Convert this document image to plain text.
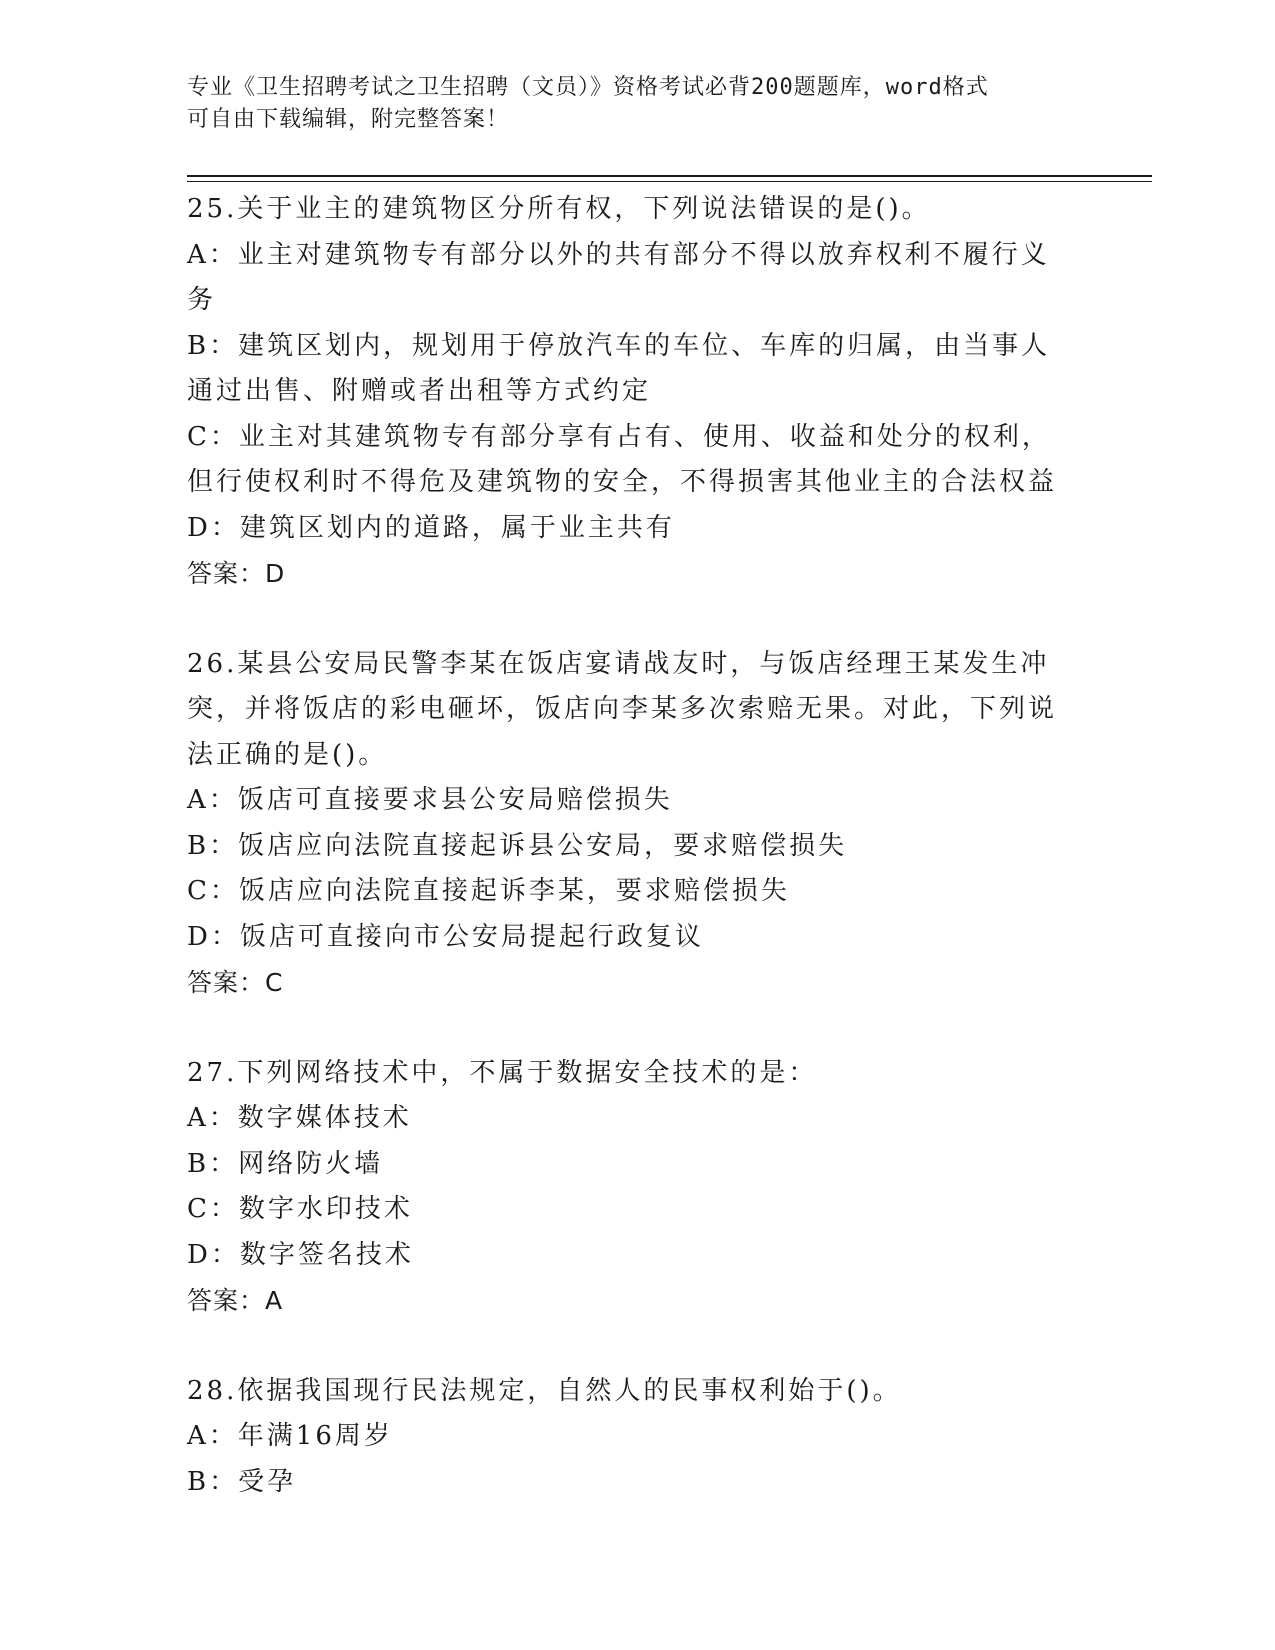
专业《卫生招聘考试之卫生招聘（文员）》资格考试必背200题题库，word格式
可自由下载编辑，附完整答案！
25.关于业主的建筑物区分所有权，下列说法错误的是()。
A：业主对建筑物专有部分以外的共有部分不得以放弃权利不履行义务
B：建筑区划内，规划用于停放汽车的车位、车库的归属，由当事人通过出售、附赠或者出租等方式约定
C：业主对其建筑物专有部分享有占有、使用、收益和处分的权利，但行使权利时不得危及建筑物的安全，不得损害其他业主的合法权益
D：建筑区划内的道路，属于业主共有
答案：D
26.某县公安局民警李某在饭店宴请战友时，与饭店经理王某发生冲突，并将饭店的彩电砸坏，饭店向李某多次索赔无果。对此，下列说法正确的是()。
A：饭店可直接要求县公安局赔偿损失
B：饭店应向法院直接起诉县公安局，要求赔偿损失
C：饭店应向法院直接起诉李某，要求赔偿损失
D：饭店可直接向市公安局提起行政复议
答案：C
27.下列网络技术中，不属于数据安全技术的是：
A：数字媒体技术
B：网络防火墙
C：数字水印技术
D：数字签名技术
答案：A
28.依据我国现行民法规定，自然人的民事权利始于()。
A：年满16周岁
B：受孕
